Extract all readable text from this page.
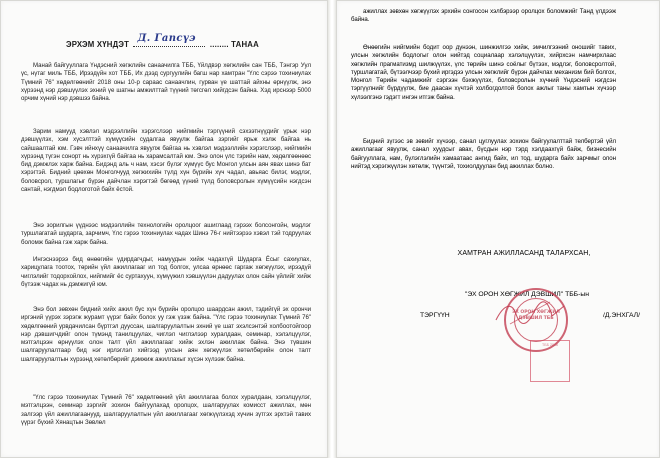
ЭРХЭМ ХҮНДЭТ
Д. Гапсүэ
........ ТАНАА

Манай байгууллага Үндэсний хөгжлийн санаачилга ТББ, Үйлдвэр хөгжлийн сан ТББ, Тэнгэр Уул үс, нүтаг миль ТББ, Ирээдүйн хот ТББ, Их дээд сургуулийн багш нар хамтран "Үлс сэрээ тохиниулах Түмний 76" хөдөлгөөнийг 2018 оны 10-р сараас санаачлин, гурван үе шаттай айхны өрнүүлж, энэ хүрээнд нэр дэвшүүлэх эхний үе шатны амжилттай түүний төгсгөл хийгдсэн байна. Хэд ирснээр 5000 орчим хүний нэр дэвшээ байна.

Зарим намууд хэвлэл мэдээллийн хэрэгслээр нийгмийн тэргүүний сэхээтнүүдийг үрьж нэр дэвшүүлэх, хэм хүсэлттэй хүмүүсийн судалгаа явуулж байгаа зэргийг ярьж хэлж байгаа нь сайшаалтай юм. Гэвч ийнхүү санаачилга явуулж байгаа нь хэвлэл мэдээллийн хэрэгслээр, нийгмийн хүрээнд түгэн сонорт нь хүрэхгүй байгаа нь харамсалтай юм. Энэ олон үлс тэрийн нам, хөдөлгөөнөөс бид дэмжлэх харж байна. Бидэнд аль ч нам, хэсэг бүлэг хүмүүс бус Монгол улсын аян явах шинэ бат хэрэгтэй. Бидний цөөхөн Монголчууд хөгжихийн түлд хүн бүрийн хүч чадал, авьяас билэг, мэдлэг, боловсрол, туршлагыг бүрэн дайчлан хэрэгтэй бөгөөд үүний түлд боловсролын хүмүүсийн нэгдсэн сантай, нэгдмэл бодлоготой байх ёстой.

Энэ зорилгын үүднээс мэдээллийн технологийн оролцоог ашиглаад гэрээх болсонгойн, мэдлэг туршлагатай шударга, зарчимч, Үлс гэрээ тохиниулах чадах Шинэ 76-г нийтээрээ хэвэл тэй тодруулах боломж байна гэж харж байна.

Ингэснээрээ бид өнөөгийн үдирдагчдыг, намуудын хийж чадахгүй Шударга Ёсыг сахиулах, харицулага тоотох, төрийн үйл ажиллагааг ил тод болгох, улсаа өрнөөс гаргаж хөгжүүлэх, ирээдүй чиглэлийг тодорхойлох, нийгмийг ёс суртахуун, хүмүүжил хэвшүүлэн дадуулах олон сайн үйлийг хийж бүтээж чадах нь дэмжигүй юм.

Энэ бол зөвхөн бидний хийх ажил бус хүн бүрийн оролцоо шаардсан ажил, тэдийгүй эх орончи иргэний үүрэх зэрэгж журамт үүрэг байх болох уу гэж үзэж байна. "Үлс гэрээ тохиниулах Түмний 76" хөдөлгөөний урвдачилсан бүртгэл дууссан, шалгаруулалтын эхний үе шат эхэлсэнтэй холбоотойгоор нэр дэвшигчдийг олон түмэнд танилцуулах, чиглэл чиглэлээр хуралдаан, семинар, хэлэлцүүлэг, мэтгэлцээн өрнүүлэх олон талт үйл ажиллагааг хийж эхлэн ажиллаж байна. Энэ түвшин шалгаруулалтаар бид нэг ирлэглэл хийгээд улсын аян хөгжүүлэх хөтөлбөрийн олон талт шалгаруулалтын хүрээнд хөтөлбөрийг дэмжиж ажиллахыг хүсэн хүлээж байна.

"Үлс гэрээ тохиниулах Түмний 76" хөдөлгөөний үйл ажиллагаа болох хуралдаан, хэлэлцүүлэг, мэтгэлцээн, семинар зэргийг зохион байгуулахад оролцох, шалгаруулах комисст ажиллах, мөн залгээр үйл ажиллагаанууд, шалгаруулалтын үйл ажиллагааг хөгжүүлэхэд хүчин зүтгэх эрхтэй тавих үүрэг бүхий Хянацтын Зөвлөл

ажиллах зөвхөн хөгжүүлэх эрхийн сонгосон хэлбэрээр оролцох боломжийг Танд үлдээж байна.

Өнөөгийн нийгмийн бодит оор дүнээн, шинжилгээ хийж, эмчилгээний оношийг тавих, улсын хөгжлийн бодлогыг олон нийтэд социалаар хэлэлцүүлэх, хийрхсэн намчирхлаас хөгжлийн прагматизмд шилжүүлэх, үлс төрийн шинэ соёлыг бүтээх, мэдлэг, боловсролтой, туршлагатай, бүтээлчээр бүхий иргэдээ улсын хөгжлийг бүрэн дайчлах механизм бий болгох, Монгол Төрийн чадамжийг сэргээн бэхжүүлэх, боловсролын хүчний Үндэсний нэгдсэн тэргүүлнийг бүрдүүлж, бие даасан хүчтэй холбогдолтой болох ажлыг таны хамтын хүчээр хүлээлгэнэ гэдэгт ингэн итгэж байна.

Бидний зүгээс эв зөвийг хүчээр, санал цуглуулах зохион байгуулалттай телбертэй үйл ажиллагааг явуулж, санал хуудсыг авах, бүсдын нэр тэрд хэлдаахгүй байж, бизнесийн байгууллага, нам, бүлэглэлийн хамаатаас ангид байх, ил тод, шударга байх зарчмыг олон нийтэд хэрэгжүүлэн хөтөлж, түүнтэй, тохиолдуулан бид ажиллах болно.

ХАМТРАН АЖИЛЛАСАНД ТАЛАРХСАН,
"ЭХ ОРОН ХӨГЖИЛ ДЭВШИЛ" ТББ-ын
ТЭРГҮҮН	/Д.ЭНХГАЛ/
ЭХ ОРОН ХӨГЖИЛ ДЭВШИЛ ТББ
ТББ 2018
